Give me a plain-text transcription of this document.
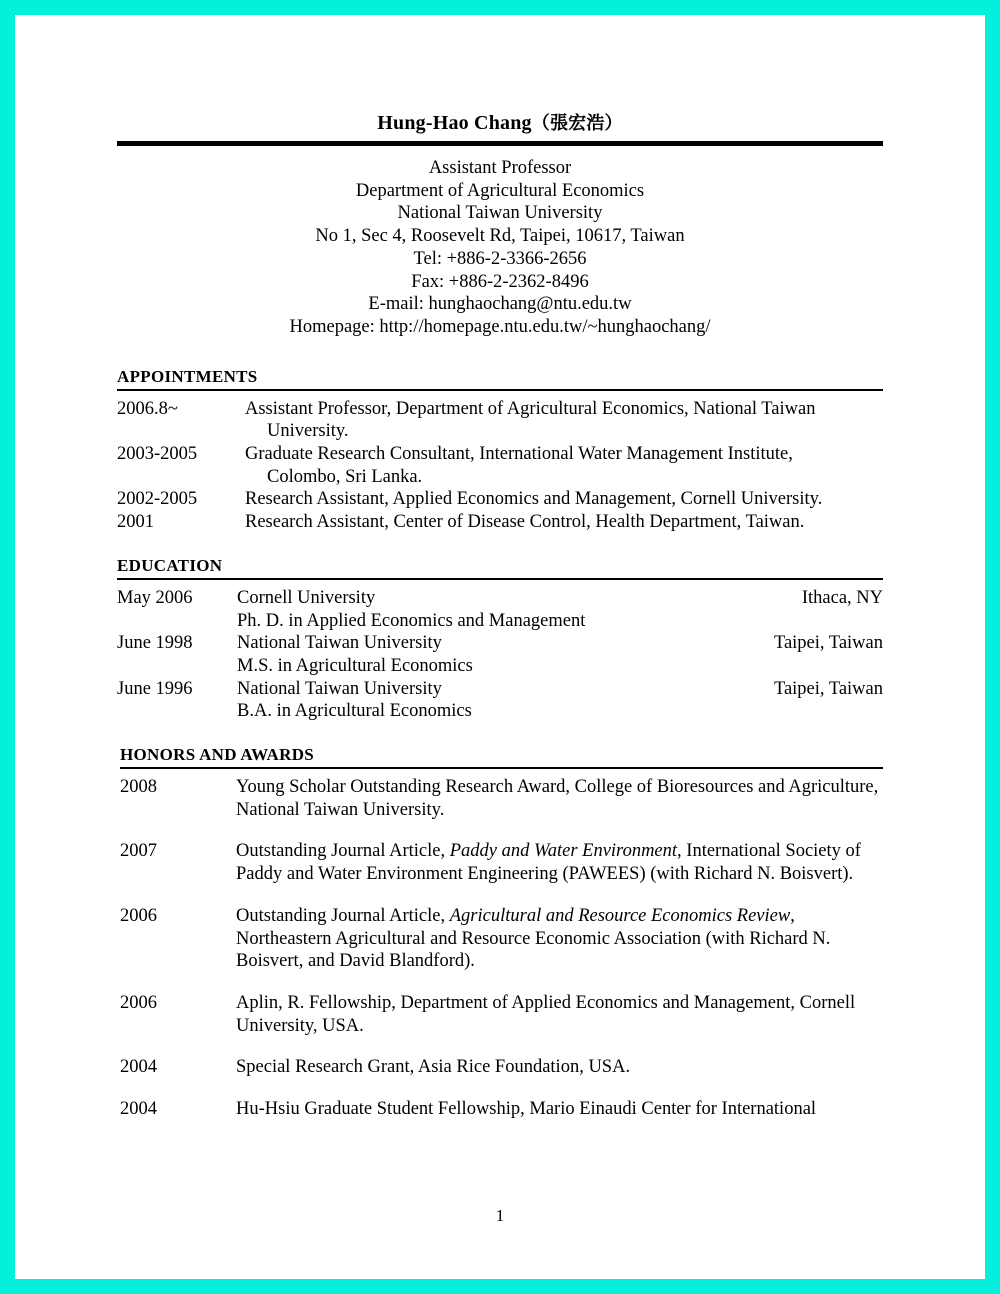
Hung-Hao Chang（張宏浩）
Assistant Professor
Department of Agricultural Economics
National Taiwan University
No 1, Sec 4, Roosevelt Rd, Taipei, 10617, Taiwan
Tel: +886-2-3366-2656
Fax: +886-2-2362-8496
E-mail: hunghaochang@ntu.edu.tw
Homepage: http://homepage.ntu.edu.tw/~hunghaochang/
APPOINTMENTS
2006.8~	Assistant Professor, Department of Agricultural Economics, National Taiwan
University.
2003-2005	Graduate Research Consultant, International Water Management Institute,
Colombo, Sri Lanka.
2002-2005	Research Assistant, Applied Economics and Management, Cornell University.
2001	Research Assistant, Center of Disease Control, Health Department, Taiwan.
EDUCATION
May 2006	Cornell University	Ithaca, NY
Ph. D. in Applied Economics and Management
June 1998	National Taiwan University	Taipei, Taiwan
M.S. in Agricultural Economics
June 1996	National Taiwan University	Taipei, Taiwan
B.A. in Agricultural Economics
HONORS AND AWARDS
2008	Young Scholar Outstanding Research Award, College of Bioresources and Agriculture, National Taiwan University.
2007	Outstanding Journal Article, Paddy and Water Environment, International Society of Paddy and Water Environment Engineering (PAWEES) (with Richard N. Boisvert).
2006	Outstanding Journal Article, Agricultural and Resource Economics Review, Northeastern Agricultural and Resource Economic Association (with Richard N. Boisvert, and David Blandford).
2006	Aplin, R. Fellowship, Department of Applied Economics and Management, Cornell University, USA.
2004	Special Research Grant, Asia Rice Foundation, USA.
2004	Hu-Hsiu Graduate Student Fellowship, Mario Einaudi Center for International
1
